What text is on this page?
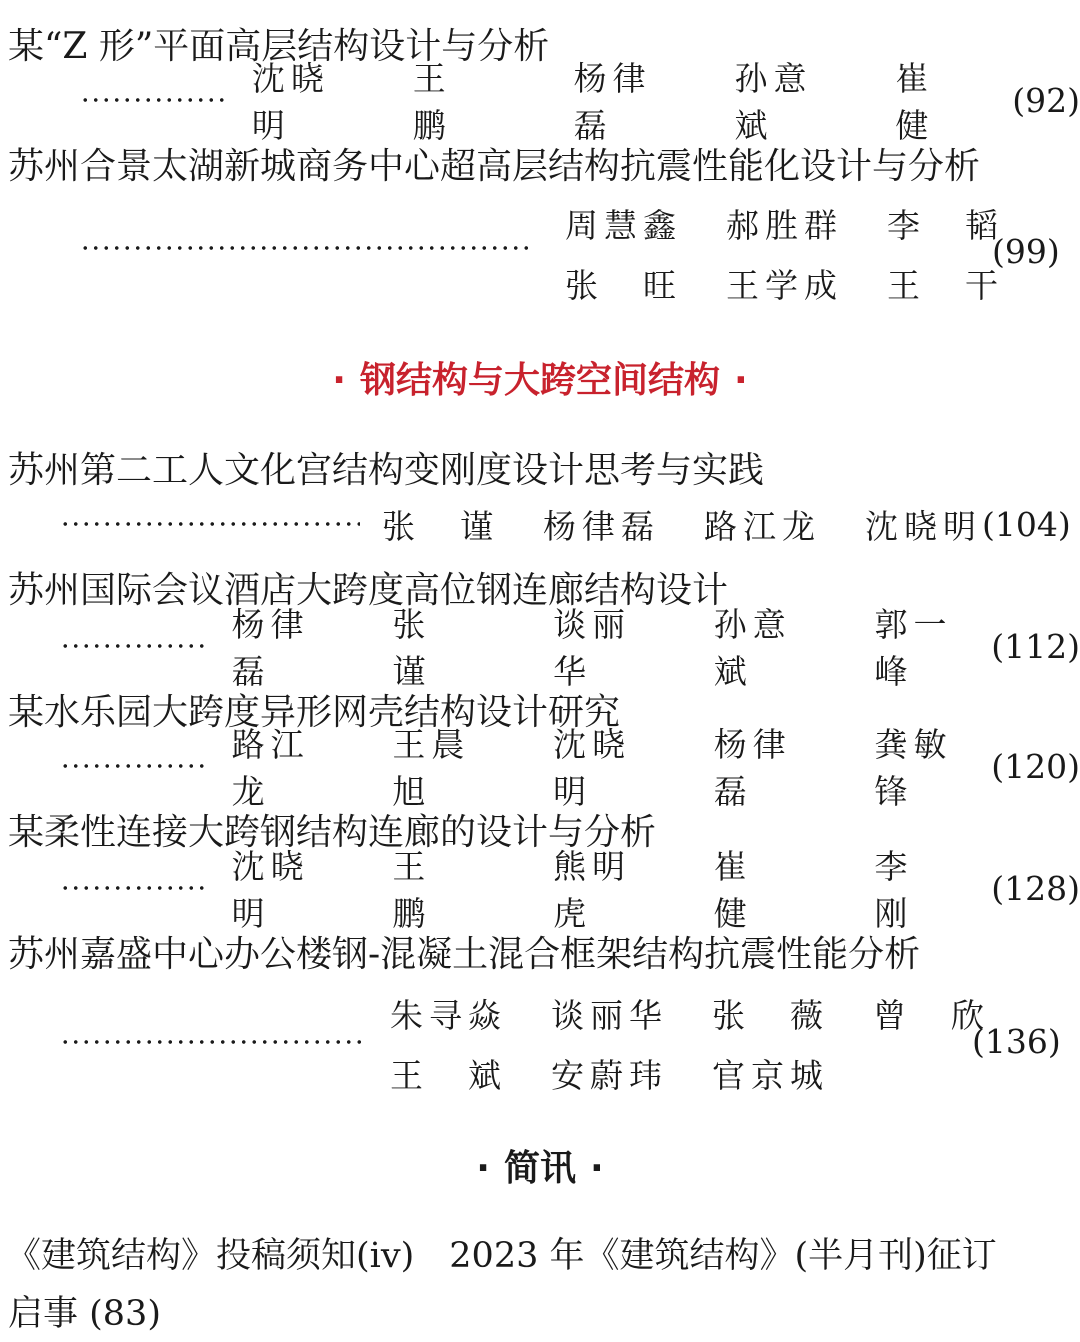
某“Z 形”平面高层结构设计与分析
沈晓明
王　鹏
杨律磊
孙意斌
崔　健
(92)
苏州合景太湖新城商务中心超高层结构抗震性能化设计与分析
周慧鑫 郝胜群 李　韬
张　旺 王学成 王　干
(99)
· 钢结构与大跨空间结构 ·
苏州第二工人文化宫结构变刚度设计思考与实践
张　谨 杨律磊 路江龙 沈晓明 (104)
苏州国际会议酒店大跨度高位钢连廊结构设计
杨律磊
张　谨
谈丽华
孙意斌
郭一峰
(112)
某水乐园大跨度异形网壳结构设计研究
路江龙
王晨旭
沈晓明
杨律磊
龚敏锋
(120)
某柔性连接大跨钢结构连廊的设计与分析
沈晓明
王　鹏
熊明虎
崔　健
李　刚
(128)
苏州嘉盛中心办公楼钢-混凝土混合框架结构抗震性能分析
朱寻焱 谈丽华 张　薇 曾　欣
王　斌 安蔚玮 官京城
(136)
· 简讯 ·
《建筑结构》投稿须知(iv)　2023 年《建筑结构》(半月刊)征订
启事 (83)
